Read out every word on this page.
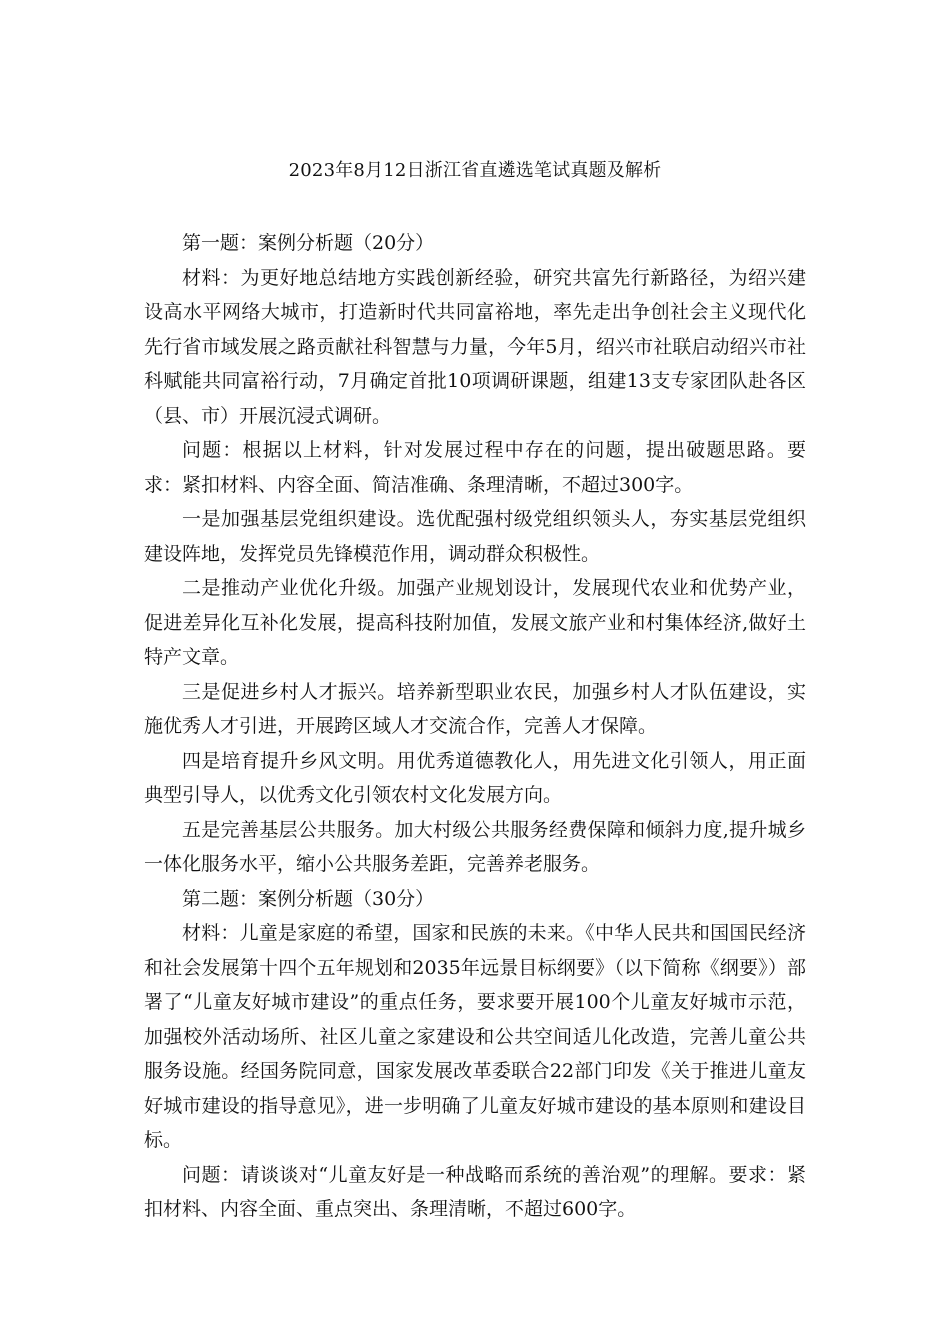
2023年8月12日浙江省直遴选笔试真题及解析

第一题：案例分析题（20分）

材料：为更好地总结地方实践创新经验，研究共富先行新路径，为绍兴建设高水平网络大城市，打造新时代共同富裕地，率先走出争创社会主义现代化先行省市域发展之路贡献社科智慧与力量，今年5月，绍兴市社联启动绍兴市社科赋能共同富裕行动，7月确定首批10项调研课题，组建13支专家团队赴各区（县、市）开展沉浸式调研。

问题：根据以上材料，针对发展过程中存在的问题，提出破题思路。要求：紧扣材料、内容全面、简洁准确、条理清晰，不超过300字。

一是加强基层党组织建设。选优配强村级党组织领头人，夯实基层党组织建设阵地，发挥党员先锋模范作用，调动群众积极性。

二是推动产业优化升级。加强产业规划设计，发展现代农业和优势产业，促进差异化互补化发展，提高科技附加值，发展文旅产业和村集体经济,做好土特产文章。

三是促进乡村人才振兴。培养新型职业农民，加强乡村人才队伍建设，实施优秀人才引进，开展跨区域人才交流合作，完善人才保障。

四是培育提升乡风文明。用优秀道德教化人，用先进文化引领人，用正面典型引导人，以优秀文化引领农村文化发展方向。

五是完善基层公共服务。加大村级公共服务经费保障和倾斜力度,提升城乡一体化服务水平，缩小公共服务差距，完善养老服务。

第二题：案例分析题（30分）

材料：儿童是家庭的希望，国家和民族的未来。《中华人民共和国国民经济和社会发展第十四个五年规划和2035年远景目标纲要》（以下简称《纲要》）部署了“儿童友好城市建设”的重点任务，要求要开展100个儿童友好城市示范，加强校外活动场所、社区儿童之家建设和公共空间适儿化改造，完善儿童公共服务设施。经国务院同意，国家发展改革委联合22部门印发《关于推进儿童友好城市建设的指导意见》，进一步明确了儿童友好城市建设的基本原则和建设目标。

问题：请谈谈对“儿童友好是一种战略而系统的善治观”的理解。要求：紧扣材料、内容全面、重点突出、条理清晰，不超过600字。
